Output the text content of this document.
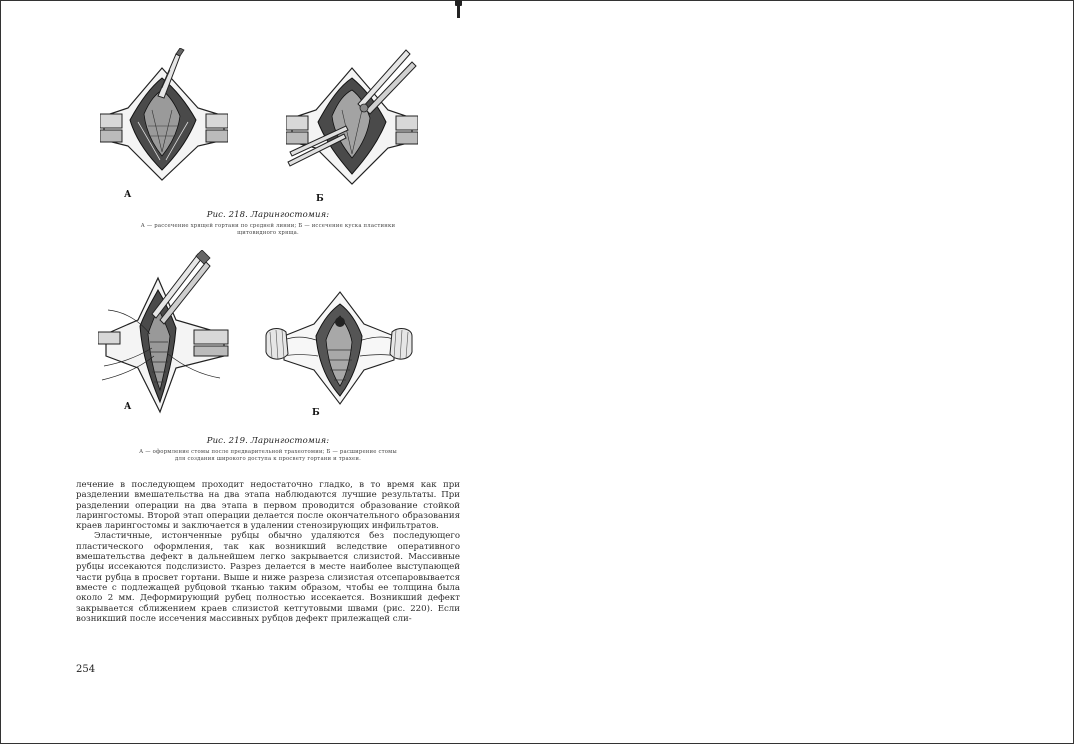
А	Б
Рис. 218. Ларингостомия:
А — рассечение хрящей гортани по средней линии; Б — иссечение куска пластинки
щитовидного хряща.
А
Б
Рис. 219. Ларингостомия:
А — оформление стомы после предварительной трахеотомии; Б — расширение стомы
для создания широкого доступа к просвету гортани и трахеи.

лечение в последующем проходит недостаточно гладко, в то время как при разделении вмешательства на два этапа наблюдаются лучшие результаты. При разделении операции на два этапа в первом проводится образование стойкой ларингостомы. Второй этап операции делается после окончательного образования краев ларингостомы и заключается в удалении стенозирующих инфильтратов.

Эластичные, истонченные рубцы обычно удаляются без последующего пластического оформления, так как возникший вследствие оперативного вмешательства дефект в дальнейшем легко закрывается слизистой. Массивные рубцы иссекаются подслизисто. Разрез делается в месте наиболее выступающей части рубца в просвет гортани. Выше и ниже разреза слизистая отсепаровывается вместе с подлежащей рубцовой тканью таким образом, чтобы ее толщина была около 2 мм. Деформирующий рубец полностью иссекается. Возникший дефект закрывается сближением краев слизистой кетгутовыми швами (рис. 220). Если возникший после иссечения массивных рубцов дефект прилежащей сли-

254
